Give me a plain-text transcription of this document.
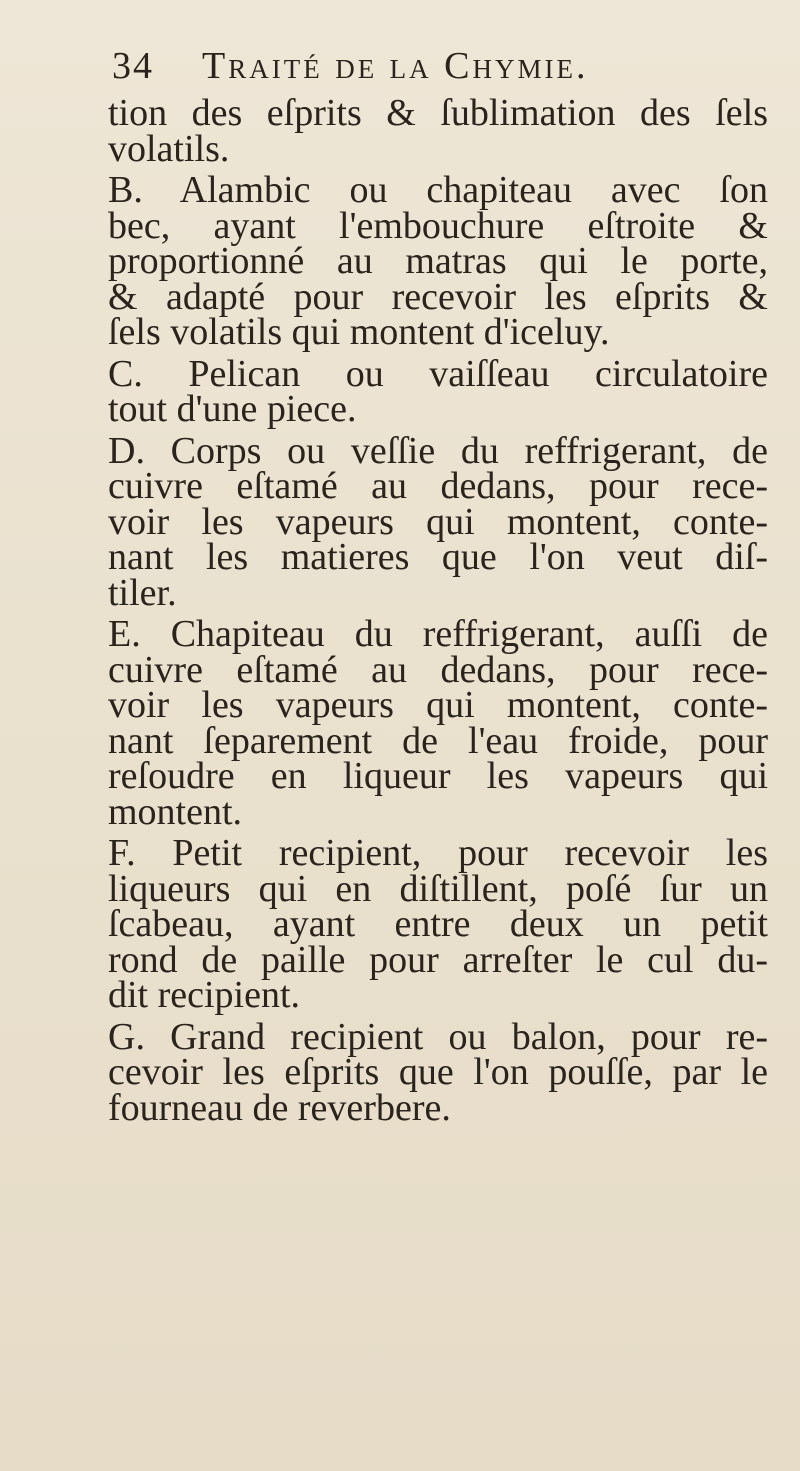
34	Traité de la Chymie.
tion des eſprits & ſublimation des ſels
volatils.
B. Alambic ou chapiteau avec ſon
bec, ayant l'embouchure eſtroite &
proportionné au matras qui le porte,
& adapté pour recevoir les eſprits &
ſels volatils qui montent d'iceluy.
C. Pelican ou vaiſſeau circulatoire
tout d'une piece.
D. Corps ou veſſie du reffrigerant, de
cuivre eſtamé au dedans, pour rece-
voir les vapeurs qui montent, conte-
nant les matieres que l'on veut diſ-
tiler.
E. Chapiteau du reffrigerant, auſſi de
cuivre eſtamé au dedans, pour rece-
voir les vapeurs qui montent, conte-
nant ſeparement de l'eau froide, pour
reſoudre en liqueur les vapeurs qui
montent.
F. Petit recipient, pour recevoir les
liqueurs qui en diſtillent, poſé ſur un
ſcabeau, ayant entre deux un petit
rond de paille pour arreſter le cul du-
dit recipient.
G. Grand recipient ou balon, pour re-
cevoir les eſprits que l'on pouſſe, par le
fourneau de reverbere.
